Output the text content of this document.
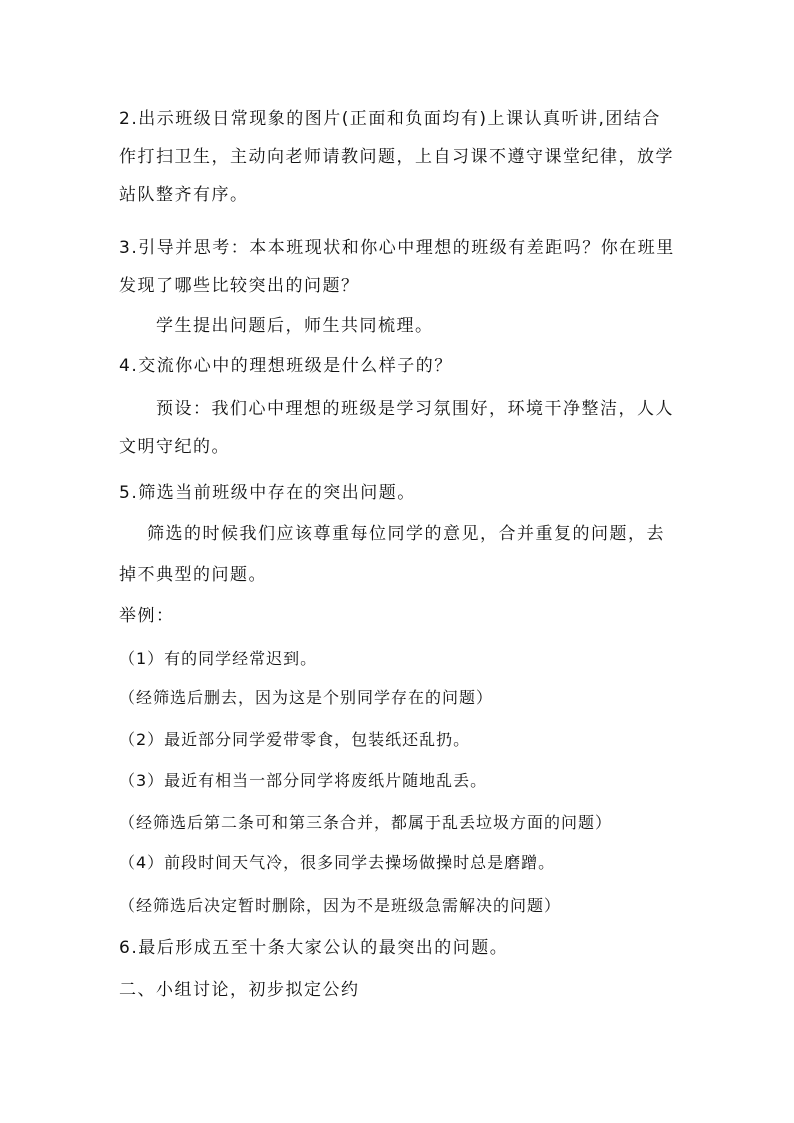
2.出示班级日常现象的图片(正面和负面均有)上课认真听讲,团结合
作打扫卫生，主动向老师请教问题，上自习课不遵守课堂纪律，放学
站队整齐有序。
3.引导并思考：本本班现状和你心中理想的班级有差距吗？你在班里
发现了哪些比较突出的问题？
学生提出问题后，师生共同梳理。
4.交流你心中的理想班级是什么样子的？
预设：我们心中理想的班级是学习氛围好，环境干净整洁，人人
文明守纪的。
5.筛选当前班级中存在的突出问题。
筛选的时候我们应该尊重每位同学的意见，合并重复的问题，去
掉不典型的问题。
举例：
（1）有的同学经常迟到。
（经筛选后删去，因为这是个别同学存在的问题）
（2）最近部分同学爱带零食，包装纸还乱扔。
（3）最近有相当一部分同学将废纸片随地乱丢。
（经筛选后第二条可和第三条合并，都属于乱丢垃圾方面的问题）
（4）前段时间天气冷，很多同学去操场做操时总是磨蹭。
（经筛选后决定暂时删除，因为不是班级急需解决的问题）
6.最后形成五至十条大家公认的最突出的问题。
二、小组讨论，初步拟定公约
